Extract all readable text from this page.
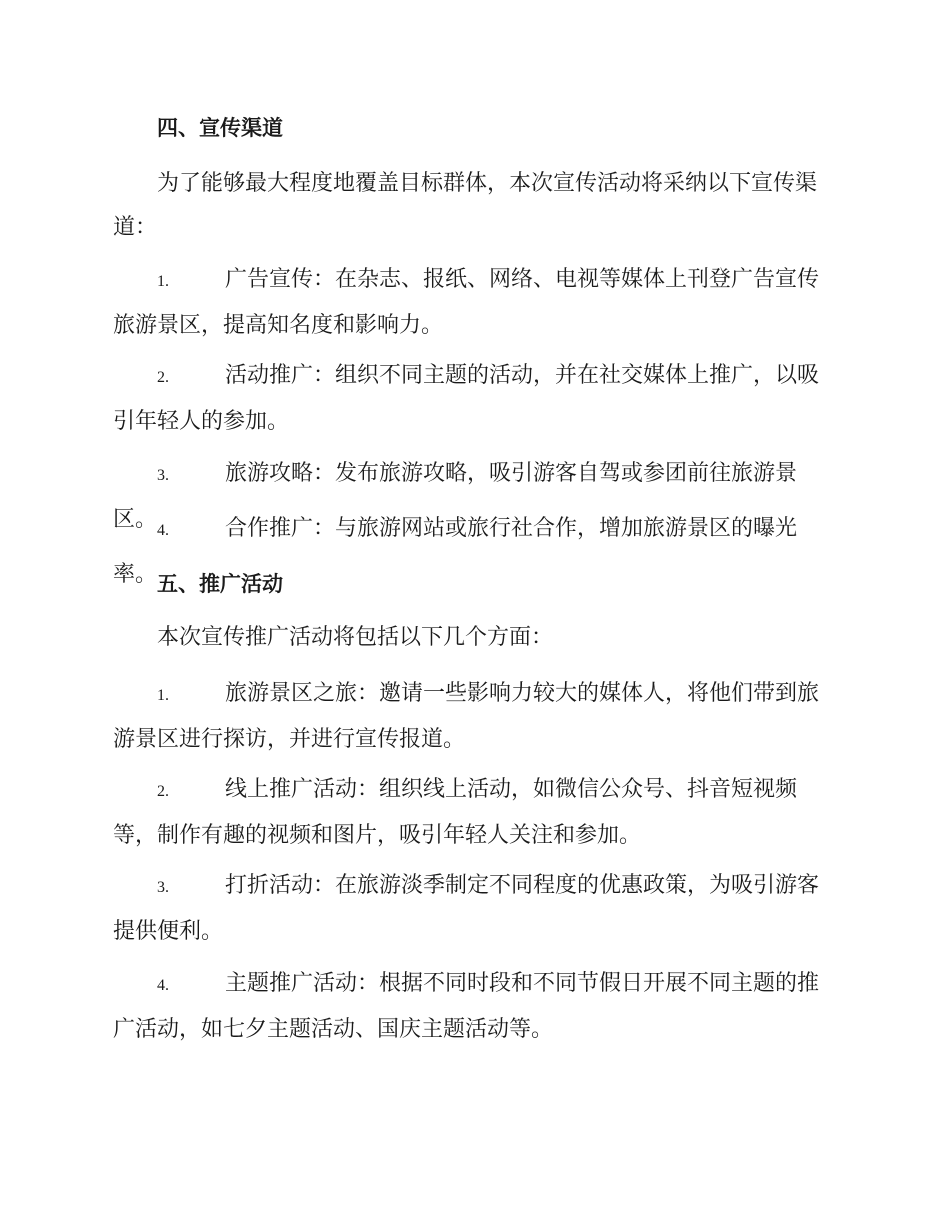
四、宣传渠道
为了能够最大程度地覆盖目标群体，本次宣传活动将采纳以下宣传渠道：
1.	广告宣传：在杂志、报纸、网络、电视等媒体上刊登广告宣传旅游景区，提高知名度和影响力。
2.	活动推广：组织不同主题的活动，并在社交媒体上推广，以吸引年轻人的参加。
3.	旅游攻略：发布旅游攻略，吸引游客自驾或参团前往旅游景区。 4.	合作推广：与旅游网站或旅行社合作，增加旅游景区的曝光率。 五、推广活动
本次宣传推广活动将包括以下几个方面：
1.	旅游景区之旅：邀请一些影响力较大的媒体人，将他们带到旅游景区进行探访，并进行宣传报道。
2.	线上推广活动：组织线上活动，如微信公众号、抖音短视频等，制作有趣的视频和图片，吸引年轻人关注和参加。
3.	打折活动：在旅游淡季制定不同程度的优惠政策，为吸引游客提供便利。
4.	主题推广活动：根据不同时段和不同节假日开展不同主题的推广活动，如七夕主题活动、国庆主题活动等。
